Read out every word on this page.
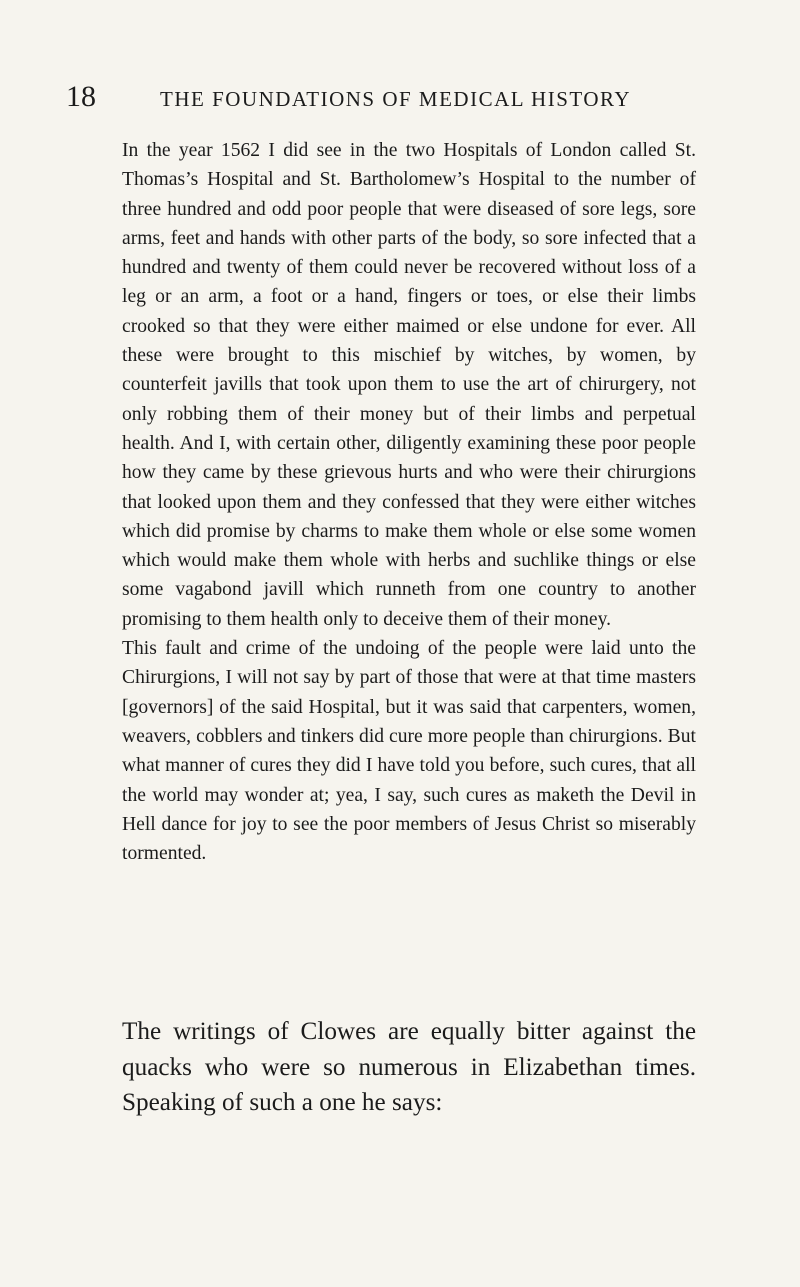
18	THE FOUNDATIONS OF MEDICAL HISTORY

In the year 1562 I did see in the two Hospitals of London called St. Thomas’s Hospital and St. Bartholomew’s Hospital to the number of three hundred and odd poor people that were diseased of sore legs, sore arms, feet and hands with other parts of the body, so sore infected that a hundred and twenty of them could never be recovered without loss of a leg or an arm, a foot or a hand, fingers or toes, or else their limbs crooked so that they were either maimed or else undone for ever. All these were brought to this mischief by witches, by women, by counterfeit javills that took upon them to use the art of chirurgery, not only robbing them of their money but of their limbs and perpetual health. And I, with certain other, diligently examining these poor people how they came by these grievous hurts and who were their chirurgions that looked upon them and they confessed that they were either witches which did promise by charms to make them whole or else some women which would make them whole with herbs and suchlike things or else some vagabond javill which runneth from one country to another promising to them health only to deceive them of their money.

This fault and crime of the undoing of the people were laid unto the Chirurgions, I will not say by part of those that were at that time masters [governors] of the said Hospital, but it was said that carpenters, women, weavers, cobblers and tinkers did cure more people than chirurgions. But what manner of cures they did I have told you before, such cures, that all the world may wonder at; yea, I say, such cures as maketh the Devil in Hell dance for joy to see the poor members of Jesus Christ so miserably tormented.

The writings of Clowes are equally bitter against the quacks who were so numerous in Elizabethan times. Speaking of such a one he says:
